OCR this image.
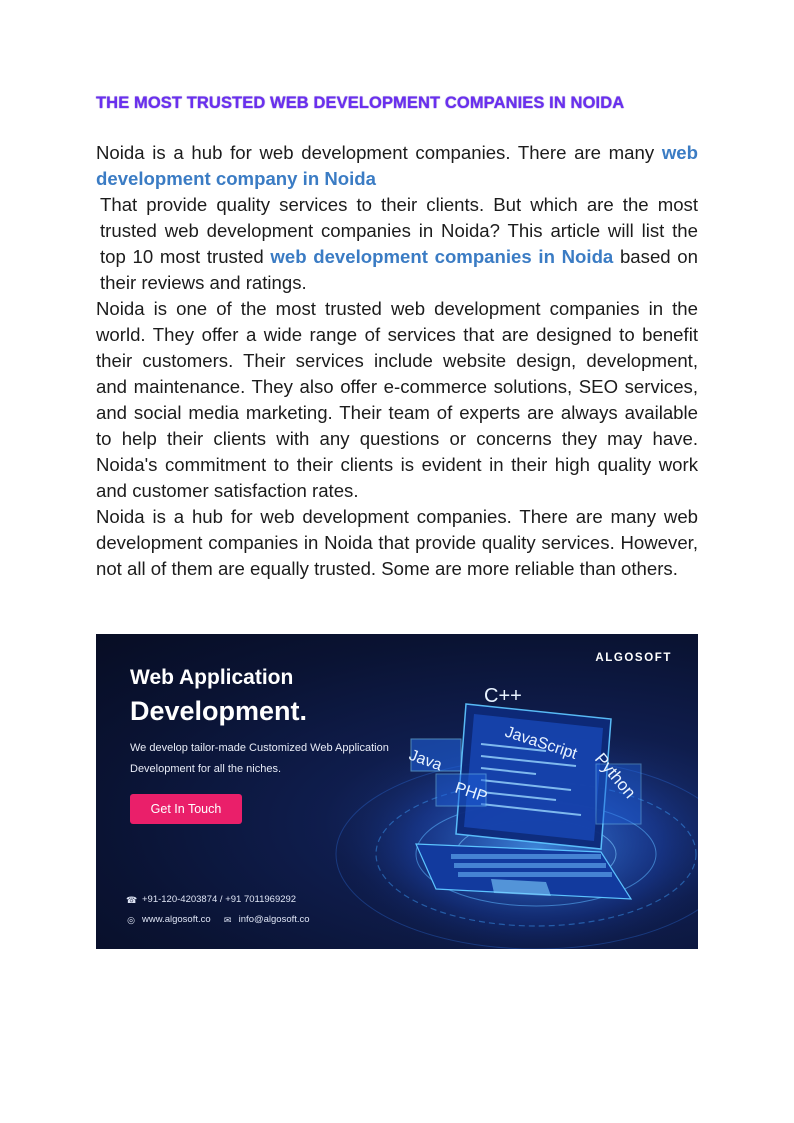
THE MOST TRUSTED WEB DEVELOPMENT COMPANIES IN NOIDA

Noida is a hub for web development companies. There are many web development company in Noida

That provide quality services to their clients. But which are the most trusted web development companies in Noida? This article will list the top 10 most trusted web development companies in Noida based on their reviews and ratings.

Noida is one of the most trusted web development companies in the world. They offer a wide range of services that are designed to benefit their customers. Their services include website design, development, and maintenance. They also offer e-commerce solutions, SEO services, and social media marketing. Their team of experts are always available to help their clients with any questions or concerns they may have. Noida's commitment to their clients is evident in their high quality work and customer satisfaction rates.

Noida is a hub for web development companies. There are many web development companies in Noida that provide quality services. However, not all of them are equally trusted. Some are more reliable than others.

ALGOSOFT
Web Application
Development.
We develop tailor-made Customized Web Application Development for all the niches.
Get In Touch
C++
JavaScript
Java
PHP	Python
☎ +91-120-4203874 / +91 7011969292
◎ www.algosoft.co ✉ info@algosoft.co
